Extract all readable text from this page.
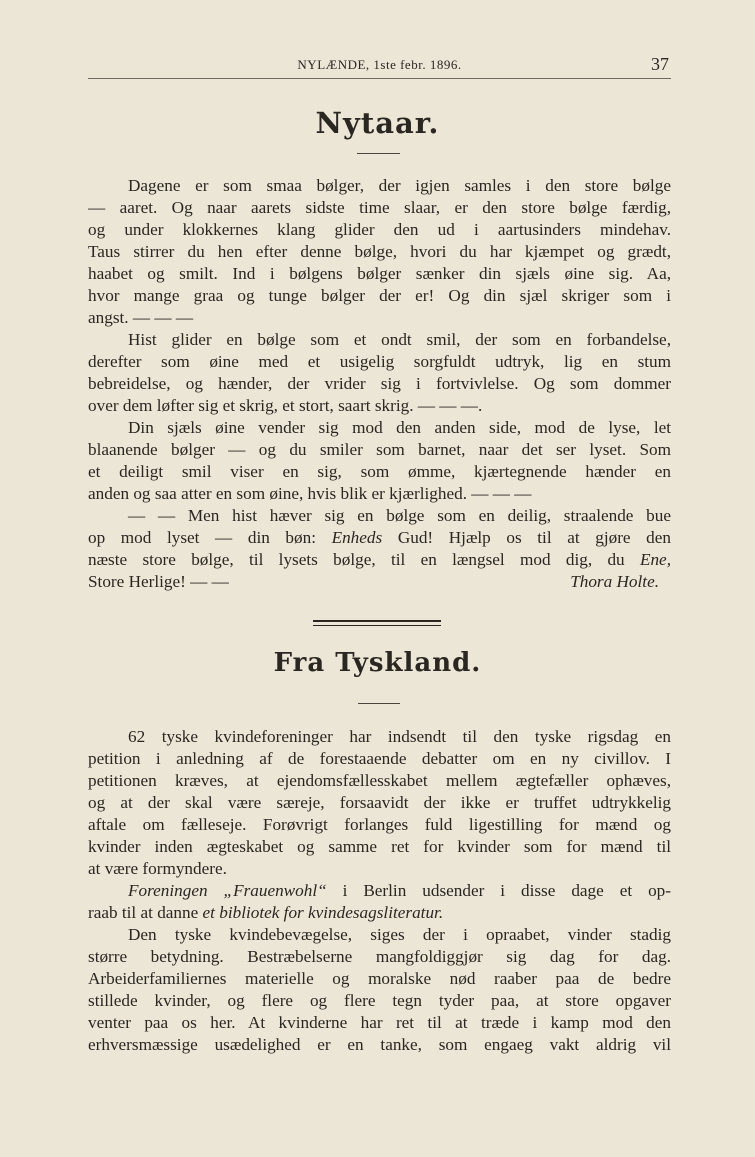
NYLÆNDE, 1ste febr. 1896.	37
Nytaar.
Dagene er som smaa bølger, der igjen samles i den store bølge
— aaret. Og naar aarets sidste time slaar, er den store bølge færdig,
og under klokkernes klang glider den ud i aartusinders mindehav.
Taus stirrer du hen efter denne bølge, hvori du har kjæmpet og grædt,
haabet og smilt. Ind i bølgens bølger sænker din sjæls øine sig. Aa,
hvor mange graa og tunge bølger der er! Og din sjæl skriger som i
angst. — — —
Hist glider en bølge som et ondt smil, der som en forbandelse,
derefter som øine med et usigelig sorgfuldt udtryk, lig en stum
bebreidelse, og hænder, der vrider sig i fortvivlelse. Og som dommer
over dem løfter sig et skrig, et stort, saart skrig. — — —.
Din sjæls øine vender sig mod den anden side, mod de lyse, let
blaanende bølger — og du smiler som barnet, naar det ser lyset. Som
et deiligt smil viser en sig, som ømme, kjærtegnende hænder en
anden og saa atter en som øine, hvis blik er kjærlighed. — — —
— — Men hist hæver sig en bølge som en deilig, straalende bue
op mod lyset — din bøn: Enheds Gud! Hjælp os til at gjøre den
næste store bølge, til lysets bølge, til en længsel mod dig, du Ene,
Store Herlige! — —	Thora Holte.
Fra Tyskland.
62 tyske kvindeforeninger har indsendt til den tyske rigsdag en
petition i anledning af de forestaaende debatter om en ny civillov. I
petitionen kræves, at ejendomsfællesskabet mellem ægtefæller ophæves,
og at der skal være særeje, forsaavidt der ikke er truffet udtrykkelig
aftale om fælleseje. Forøvrigt forlanges fuld ligestilling for mænd og
kvinder inden ægteskabet og samme ret for kvinder som for mænd til
at være formyndere.
Foreningen „Frauenwohl“ i Berlin udsender i disse dage et op-
raab til at danne et bibliotek for kvindesagsliteratur.
Den tyske kvindebevægelse, siges der i opraabet, vinder stadig
større betydning. Bestræbelserne mangfoldiggjør sig dag for dag.
Arbeiderfamiliernes materielle og moralske nød raaber paa de bedre
stillede kvinder, og flere og flere tegn tyder paa, at store opgaver
venter paa os her. At kvinderne har ret til at træde i kamp mod den
erhversmæssige usædelighed er en tanke, som engaeg vakt aldrig vil
